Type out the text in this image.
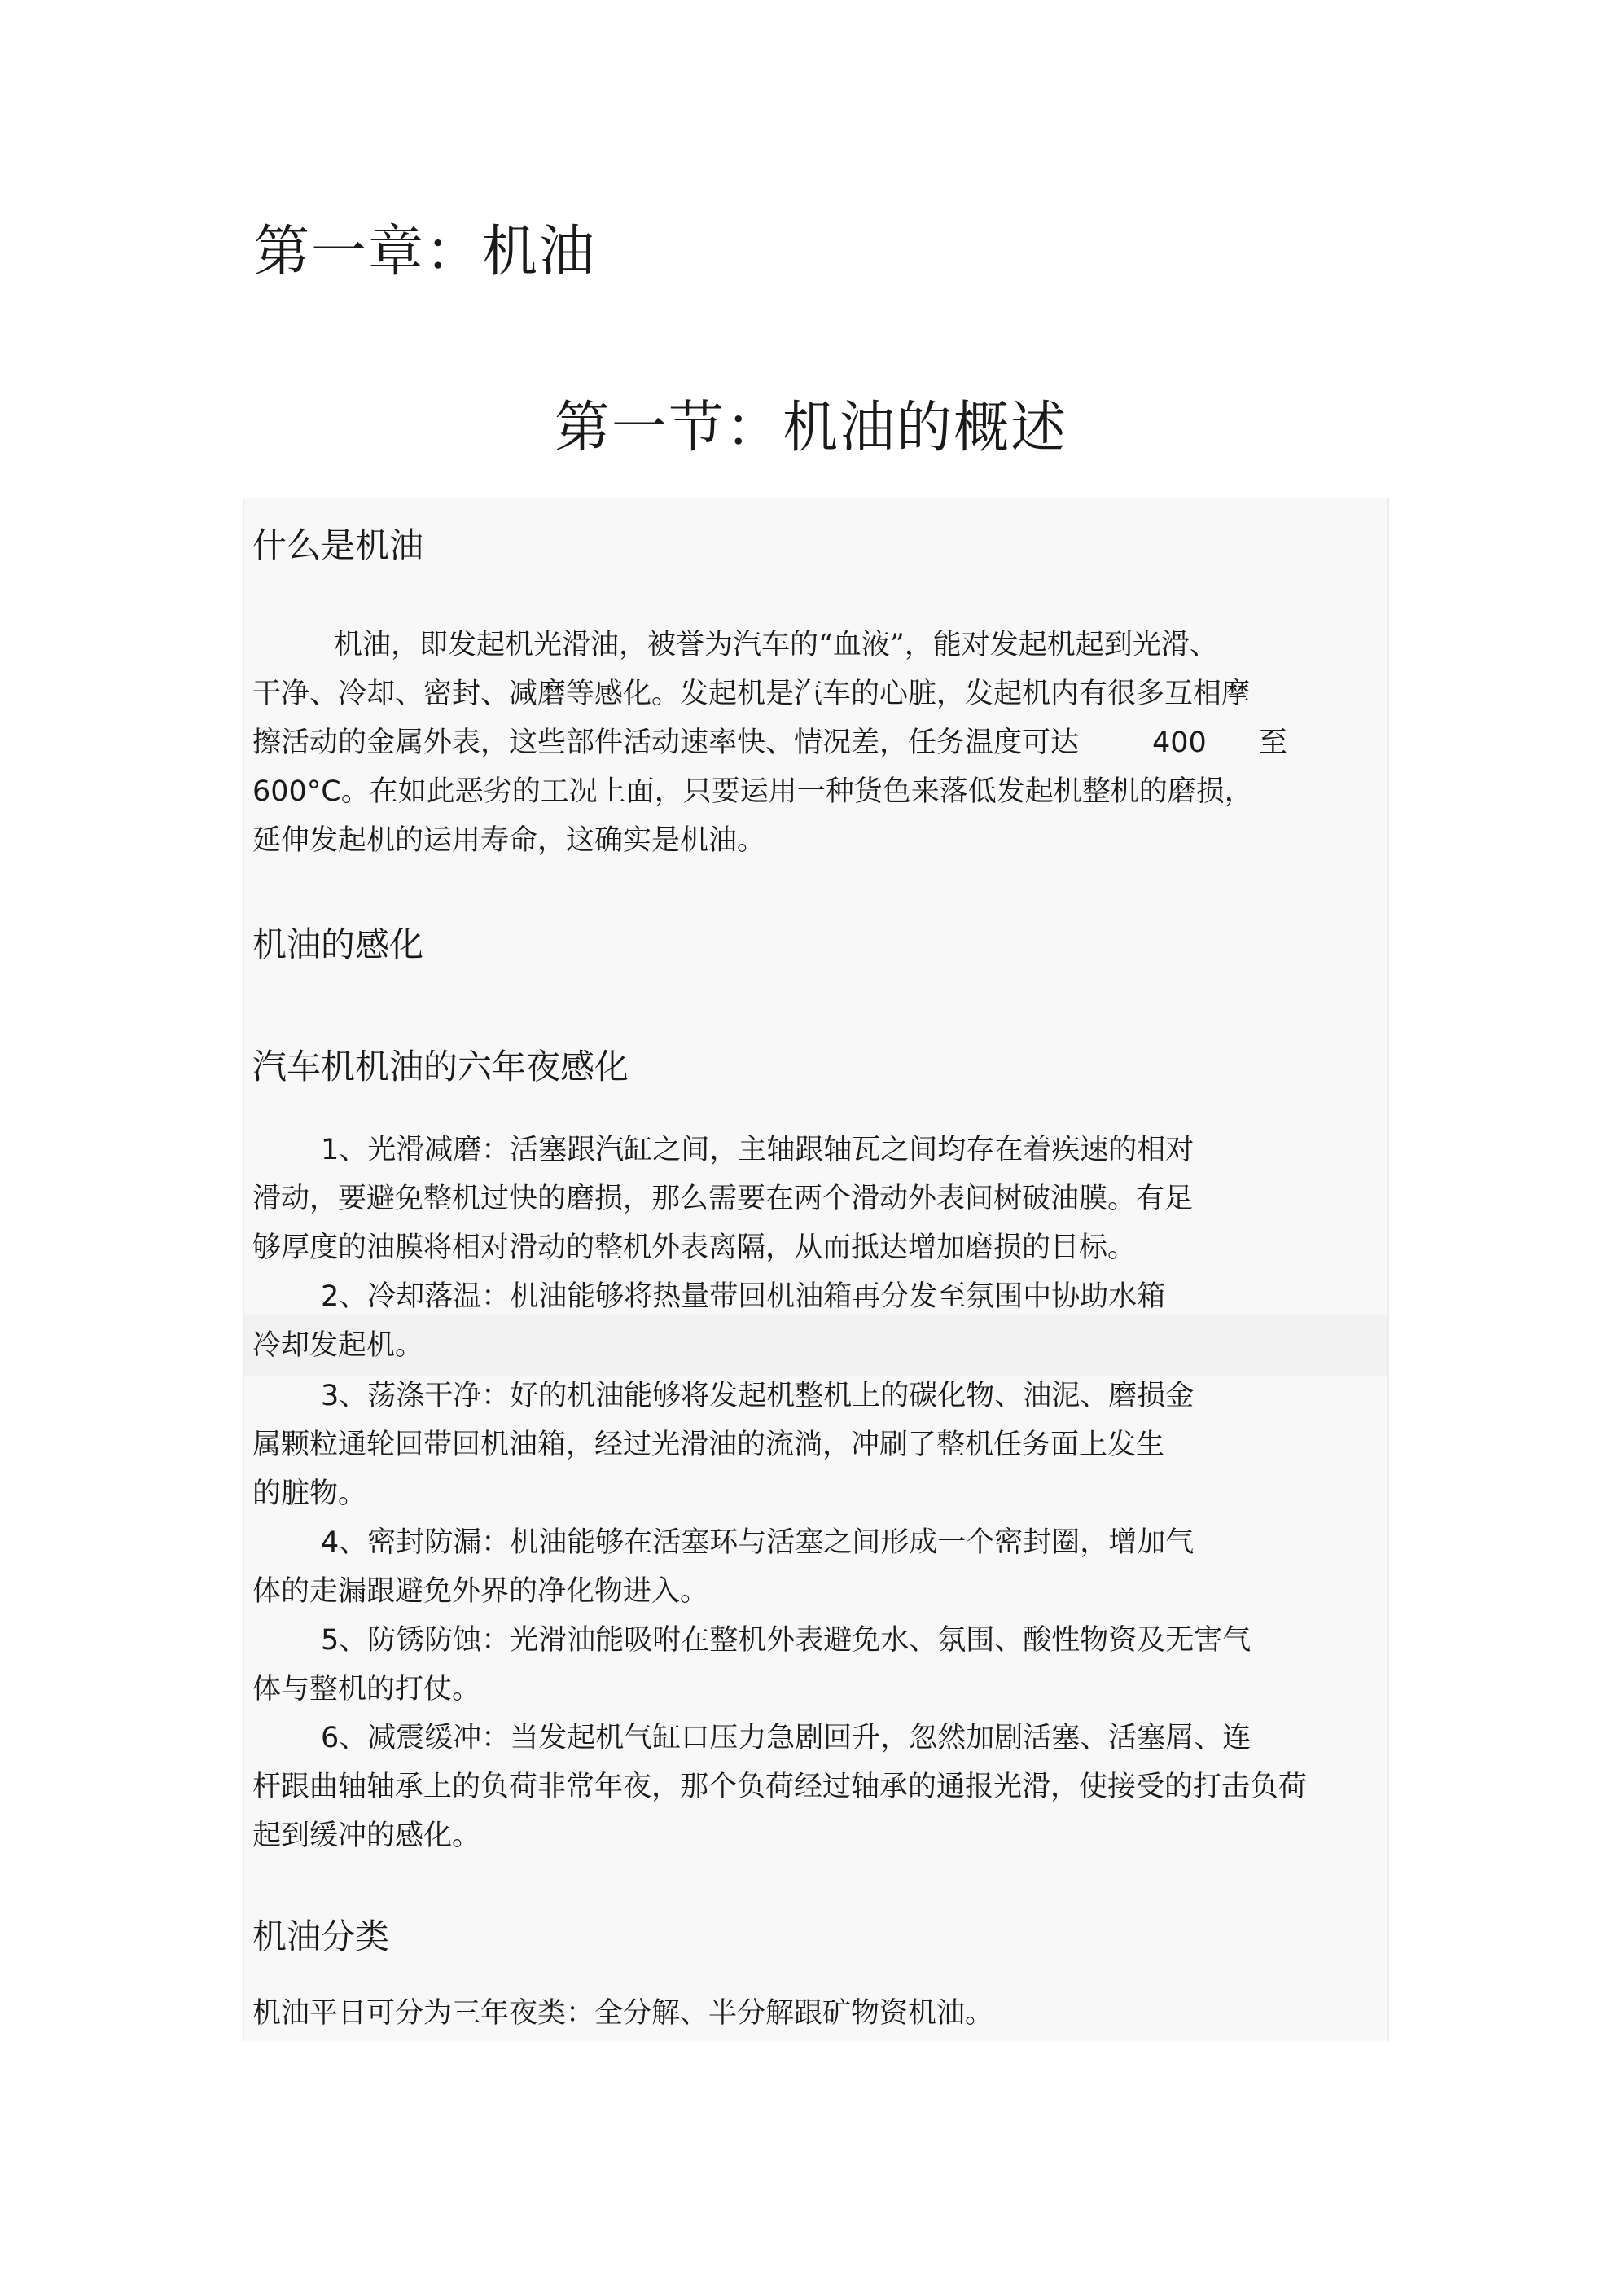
第一章：机油
第一节：机油的概述
什么是机油
机油，即发起机光滑油，被誉为汽车的“血液”，能对发起机起到光滑、
干净、冷却、密封、减磨等感化。发起机是汽车的心脏，发起机内有很多互相摩
擦活动的金属外表，这些部件活动速率快、情况差，任务温度可达	400 至
600°C。在如此恶劣的工况上面，只要运用一种货色来落低发起机整机的磨损，
延伸发起机的运用寿命，这确实是机油。
机油的感化
汽车机机油的六年夜感化
1、光滑减磨：活塞跟汽缸之间，主轴跟轴瓦之间均存在着疾速的相对
滑动，要避免整机过快的磨损，那么需要在两个滑动外表间树破油膜。有足
够厚度的油膜将相对滑动的整机外表离隔，从而抵达增加磨损的目标。
2、冷却落温：机油能够将热量带回机油箱再分发至氛围中协助水箱
冷却发起机。
3、荡涤干净：好的机油能够将发起机整机上的碳化物、油泥、磨损金
属颗粒通轮回带回机油箱，经过光滑油的流淌，冲刷了整机任务面上发生
的脏物。
4、密封防漏：机油能够在活塞环与活塞之间形成一个密封圈，增加气
体的走漏跟避免外界的净化物进入。
5、防锈防蚀：光滑油能吸咐在整机外表避免水、氛围、酸性物资及无害气
体与整机的打仗。
6、减震缓冲：当发起机气缸口压力急剧回升，忽然加剧活塞、活塞屑、连
杆跟曲轴轴承上的负荷非常年夜，那个负荷经过轴承的通报光滑，使接受的打击负荷
起到缓冲的感化。
机油分类
机油平日可分为三年夜类：全分解、半分解跟矿物资机油。
